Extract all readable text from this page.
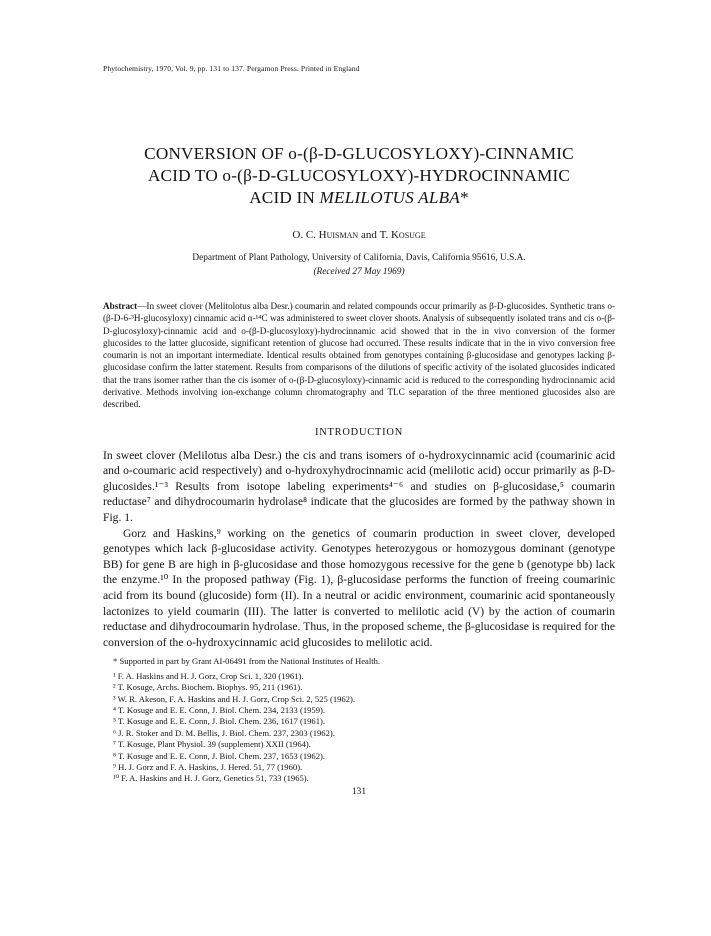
Phytochemistry, 1970, Vol. 9, pp. 131 to 137. Pergamon Press. Printed in England
CONVERSION OF o-(β-D-GLUCOSYLOXY)-CINNAMIC
ACID TO o-(β-D-GLUCOSYLOXY)-HYDROCINNAMIC
ACID IN MELILOTUS ALBA*
O. C. Huisman and T. Kosuge
Department of Plant Pathology, University of California, Davis, California 95616, U.S.A.
(Received 27 May 1969)
Abstract—In sweet clover (Melitolotus alba Desr.) coumarin and related compounds occur primarily as β-D-glucosides. Synthetic trans o-(β-D-6-³H-glucosyloxy) cinnamic acid α-¹⁴C was administered to sweet clover shoots. Analysis of subsequently isolated trans and cis o-(β-D-glucosyloxy)-cinnamic acid and o-(β-D-glucosyloxy)-hydrocinnamic acid showed that in the in vivo conversion of the former glucosides to the latter glucoside, significant retention of glucose had occurred. These results indicate that in the in vivo conversion free coumarin is not an important intermediate. Identical results obtained from genotypes containing β-glucosidase and genotypes lacking β-glucosidase confirm the latter statement. Results from comparisons of the dilutions of specific activity of the isolated glucosides indicated that the trans isomer rather than the cis isomer of o-(β-D-glucosyloxy)-cinnamic acid is reduced to the corresponding hydrocinnamic acid derivative. Methods involving ion-exchange column chromatography and TLC separation of the three mentioned glucosides also are described.
INTRODUCTION

In sweet clover (Melilotus alba Desr.) the cis and trans isomers of o-hydroxycinnamic acid (coumarinic acid and o-coumaric acid respectively) and o-hydroxyhydrocinnamic acid (melilotic acid) occur primarily as β-D-glucosides.¹⁻³ Results from isotope labeling experiments⁴⁻⁶ and studies on β-glucosidase,⁵ coumarin reductase⁷ and dihydrocoumarin hydrolase⁸ indicate that the glucosides are formed by the pathway shown in Fig. 1.

Gorz and Haskins,⁹ working on the genetics of coumarin production in sweet clover, developed genotypes which lack β-glucosidase activity. Genotypes heterozygous or homozygous dominant (genotype BB) for gene B are high in β-glucosidase and those homozygous recessive for the gene b (genotype bb) lack the enzyme.¹⁰ In the proposed pathway (Fig. 1), β-glucosidase performs the function of freeing coumarinic acid from its bound (glucoside) form (II). In a neutral or acidic environment, coumarinic acid spontaneously lactonizes to yield coumarin (III). The latter is converted to melilotic acid (V) by the action of coumarin reductase and dihydrocoumarin hydrolase. Thus, in the proposed scheme, the β-glucosidase is required for the conversion of the o-hydroxycinnamic acid glucosides to melilotic acid.

* Supported in part by Grant AI-06491 from the National Institutes of Health.

¹ F. A. Haskins and H. J. Gorz, Crop Sci. 1, 320 (1961).

² T. Kosuge, Archs. Biochem. Biophys. 95, 211 (1961).

³ W. R. Akeson, F. A. Haskins and H. J. Gorz, Crop Sci. 2, 525 (1962).

⁴ T. Kosuge and E. E. Conn, J. Biol. Chem. 234, 2133 (1959).

⁵ T. Kosuge and E. E. Conn, J. Biol. Chem. 236, 1617 (1961).

⁶ J. R. Stoker and D. M. Bellis, J. Biol. Chem. 237, 2303 (1962).

⁷ T. Kosuge, Plant Physiol. 39 (supplement) XXII (1964).

⁸ T. Kosuge and E. E. Conn, J. Biol. Chem. 237, 1653 (1962).

⁹ H. J. Gorz and F. A. Haskins, J. Hered. 51, 77 (1960).

¹⁰ F. A. Haskins and H. J. Gorz, Genetics 51, 733 (1965).

131
